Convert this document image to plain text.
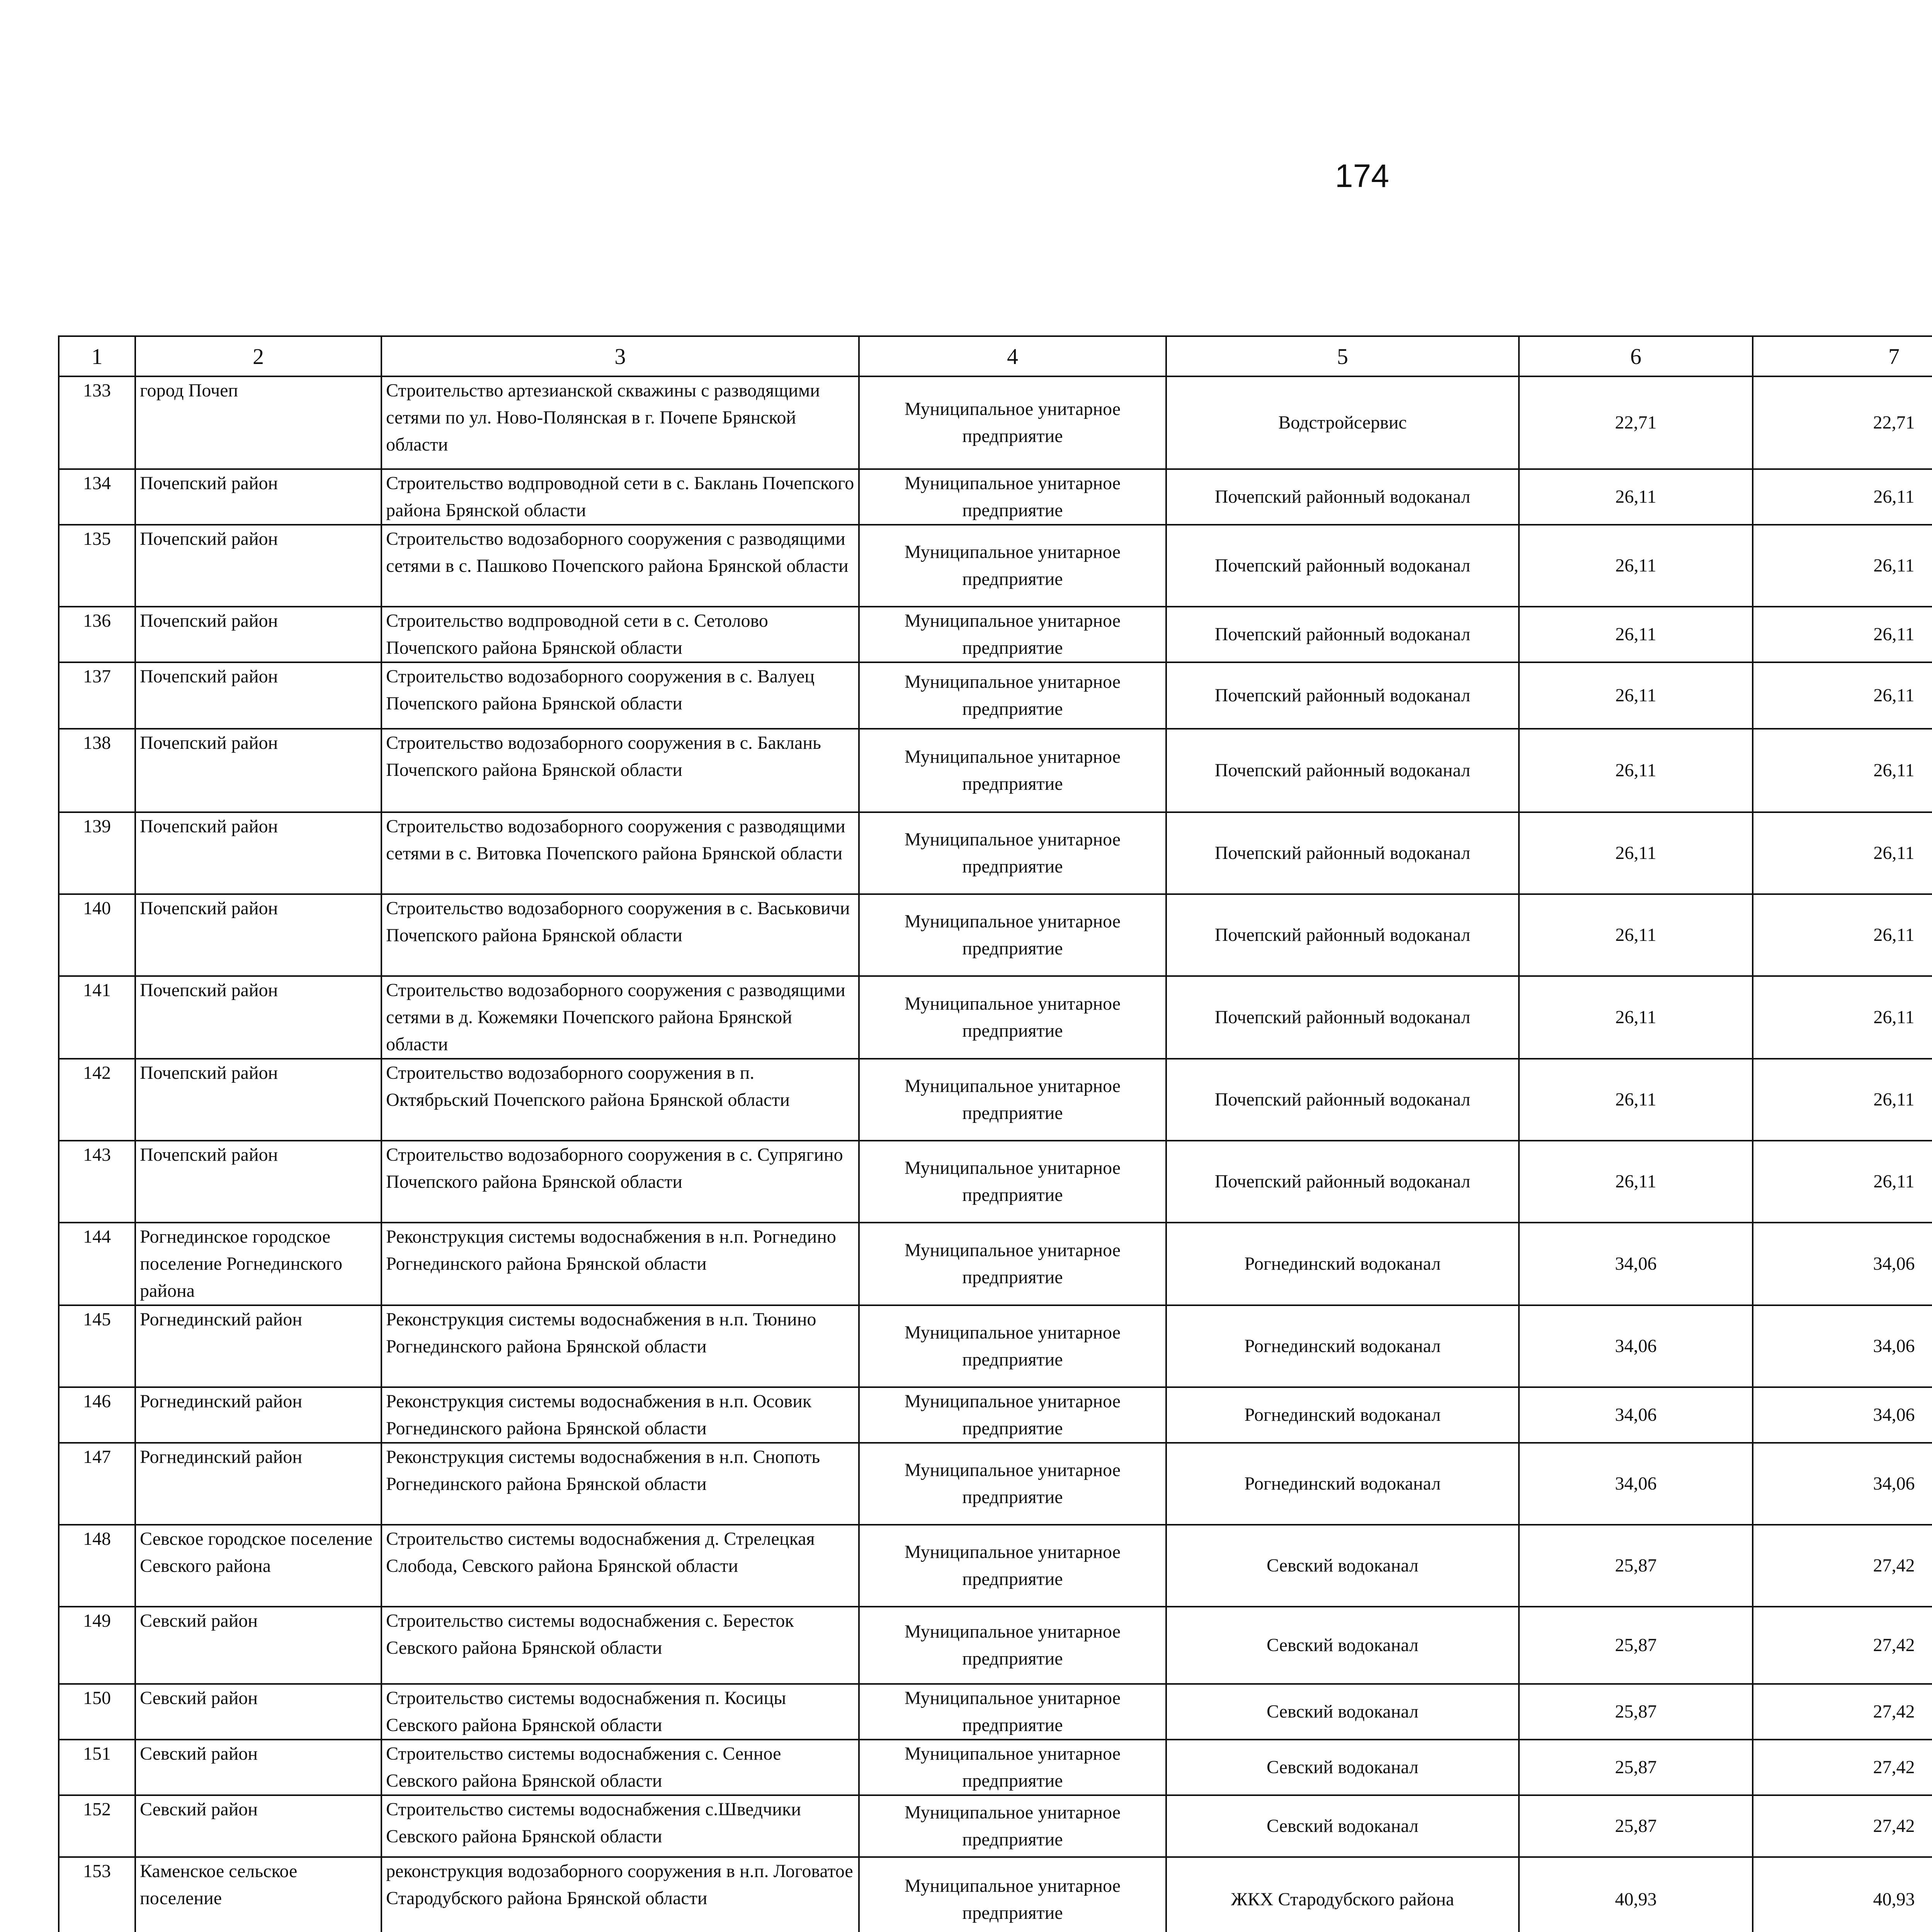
174
1	2	3	4	5	6	7				
133	город Почеп	Строительство артезианской скважины с разводящими сетями по ул. Ново-Полянская в г. Почепе Брянской области	Муниципальное унитарное предприятие	Водстройсервис	22,71	22,71				
134	Почепский район	Строительство водпроводной сети в с. Баклань Почепского района Брянской области	Муниципальное унитарное предприятие	Почепский районный водоканал	26,11	26,11				
135	Почепский район	Строительство водозаборного сооружения с разводящими сетями в с. Пашково Почепского района Брянской области	Муниципальное унитарное предприятие	Почепский районный водоканал	26,11	26,11				
136	Почепский район	Строительство водпроводной сети в с. Сетолово Почепского района Брянской области	Муниципальное унитарное предприятие	Почепский районный водоканал	26,11	26,11				
137	Почепский район	Строительство водозаборного сооружения в с. Валуец Почепского района Брянской области	Муниципальное унитарное предприятие	Почепский районный водоканал	26,11	26,11				
138	Почепский район	Строительство водозаборного сооружения в с. Баклань Почепского района Брянской области	Муниципальное унитарное предприятие	Почепский районный водоканал	26,11	26,11				
139	Почепский район	Строительство водозаборного сооружения с разводящими сетями в с. Витовка Почепского района Брянской области	Муниципальное унитарное предприятие	Почепский районный водоканал	26,11	26,11				
140	Почепский район	Строительство водозаборного сооружения в с. Васьковичи Почепского района Брянской области	Муниципальное унитарное предприятие	Почепский районный водоканал	26,11	26,11				
141	Почепский район	Строительство водозаборного сооружения с разводящими сетями в д. Кожемяки Почепского района Брянской области	Муниципальное унитарное предприятие	Почепский районный водоканал	26,11	26,11				
142	Почепский район	Строительство водозаборного сооружения в п. Октябрьский Почепского района Брянской области	Муниципальное унитарное предприятие	Почепский районный водоканал	26,11	26,11				
143	Почепский район	Строительство водозаборного сооружения в с. Супрягино Почепского района Брянской области	Муниципальное унитарное предприятие	Почепский районный водоканал	26,11	26,11				
144	Рогнединское городское поселение Рогнединского района	Реконструкция системы водоснабжения в н.п. Рогнедино Рогнединского района Брянской области	Муниципальное унитарное предприятие	Рогнединский водоканал	34,06	34,06				
145	Рогнединский район	Реконструкция системы водоснабжения в н.п. Тюнино Рогнединского района Брянской области	Муниципальное унитарное предприятие	Рогнединский водоканал	34,06	34,06				
146	Рогнединский район	Реконструкция системы водоснабжения в н.п. Осовик Рогнединского района Брянской области	Муниципальное унитарное предприятие	Рогнединский водоканал	34,06	34,06				
147	Рогнединский район	Реконструкция системы водоснабжения в н.п. Снопоть Рогнединского района Брянской области	Муниципальное унитарное предприятие	Рогнединский водоканал	34,06	34,06				
148	Севское городское поселение Севского района	Строительство системы водоснабжения д. Стрелецкая Слобода, Севского района Брянской области	Муниципальное унитарное предприятие	Севский водоканал	25,87	27,42				
149	Севский район	Строительство системы водоснабжения с. Бересток Севского района Брянской области	Муниципальное унитарное предприятие	Севский водоканал	25,87	27,42				
150	Севский район	Строительство системы водоснабжения п. Косицы Севского района Брянской области	Муниципальное унитарное предприятие	Севский водоканал	25,87	27,42				
151	Севский район	Строительство системы водоснабжения с. Сенное Севского района Брянской области	Муниципальное унитарное предприятие	Севский водоканал	25,87	27,42				
152	Севский район	Строительство системы водоснабжения с.Шведчики Севского района Брянской области	Муниципальное унитарное предприятие	Севский водоканал	25,87	27,42				
153	Каменское сельское поселение	реконструкция водозаборного сооружения в н.п. Логоватое Стародубского района Брянской области	Муниципальное унитарное предприятие	ЖКХ Стародубского района	40,93	40,93				
